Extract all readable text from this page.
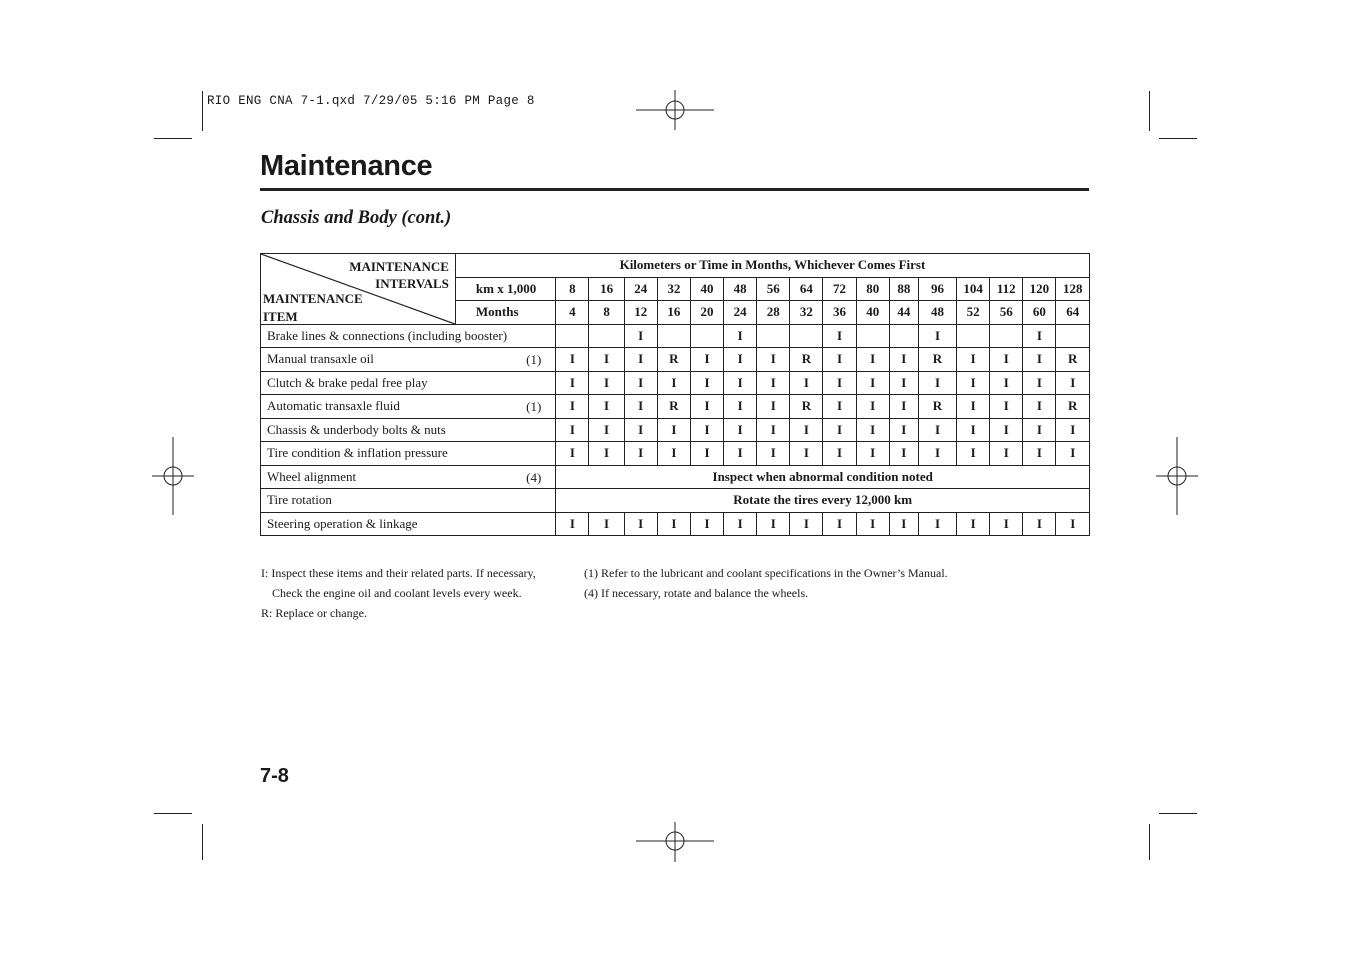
RIO ENG CNA 7-1.qxd 7/29/05 5:16 PM Page 8
Maintenance
Chassis and Body (cont.)
MAINTENANCE
INTERVALS
MAINTENANCE
ITEM	Kilometers or Time in Months, Whichever Comes First																
	km x 1,000	8	16	24	32	40	48	56	64	72	80	88	96	104	112	120	128
	Months	4	8	12	16	20	24	28	32	36	40	44	48	52	56	60	64
Brake lines & connections (including booster)				I			I			I			I			I	
Manual transaxle oil (1)		I	I	I	R	I	I	I	R	I	I	I	R	I	I	I	R
Clutch & brake pedal free play		I	I	I	I	I	I	I	I	I	I	I	I	I	I	I	I
Automatic transaxle fluid (1)		I	I	I	R	I	I	I	R	I	I	I	R	I	I	I	R
Chassis & underbody bolts & nuts		I	I	I	I	I	I	I	I	I	I	I	I	I	I	I	I
Tire condition & inflation pressure		I	I	I	I	I	I	I	I	I	I	I	I	I	I	I	I
Wheel alignment (4)		Inspect when abnormal condition noted															
Tire rotation		Rotate the tires every 12,000 km															
Steering operation & linkage		I	I	I	I	I	I	I	I	I	I	I	I	I	I	I	I
I: Inspect these items and their related parts. If necessary,
Check the engine oil and coolant levels every week.
R: Replace or change.
(1) Refer to the lubricant and coolant specifications in the Owner’s Manual.
(4) If necessary, rotate and balance the wheels.
7-8
